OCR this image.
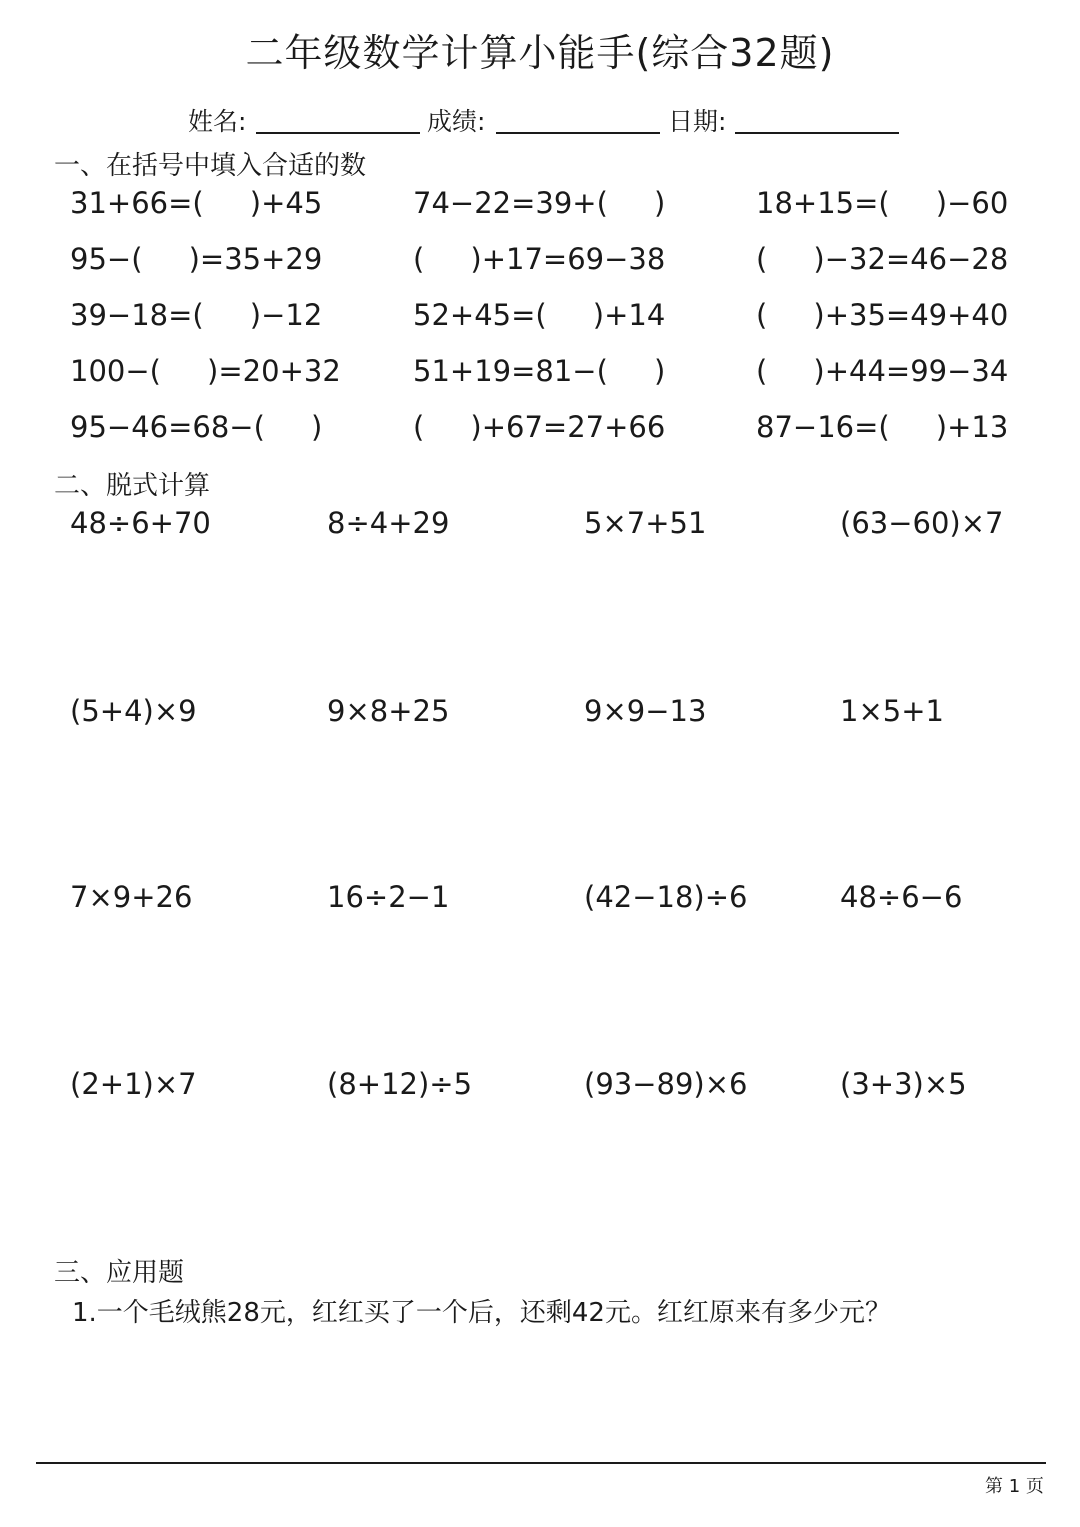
二年级数学计算小能手(综合32题)
姓名:	成绩:	日期:
一、在括号中填入合适的数
31+66=(     )+45	74−22=39+(     )	18+15=(     )−60
95−(     )=35+29	(     )+17=69−38	(     )−32=46−28
39−18=(     )−12	52+45=(     )+14	(     )+35=49+40
100−(     )=20+32 51+19=81−(     )	(     )+44=99−34
95−46=68−(     )	(     )+67=27+66	87−16=(     )+13
二、脱式计算
48÷6+70	8÷4+29	5×7+51	(63−60)×7
(5+4)×9	9×8+25	9×9−13	1×5+1
7×9+26	16÷2−1	(42−18)÷6	48÷6−6
(2+1)×7	(8+12)÷5	(93−89)×6	(3+3)×5
三、应用题
1.一个毛绒熊28元，红红买了一个后，还剩42元。红红原来有多少元？
第 1 页
